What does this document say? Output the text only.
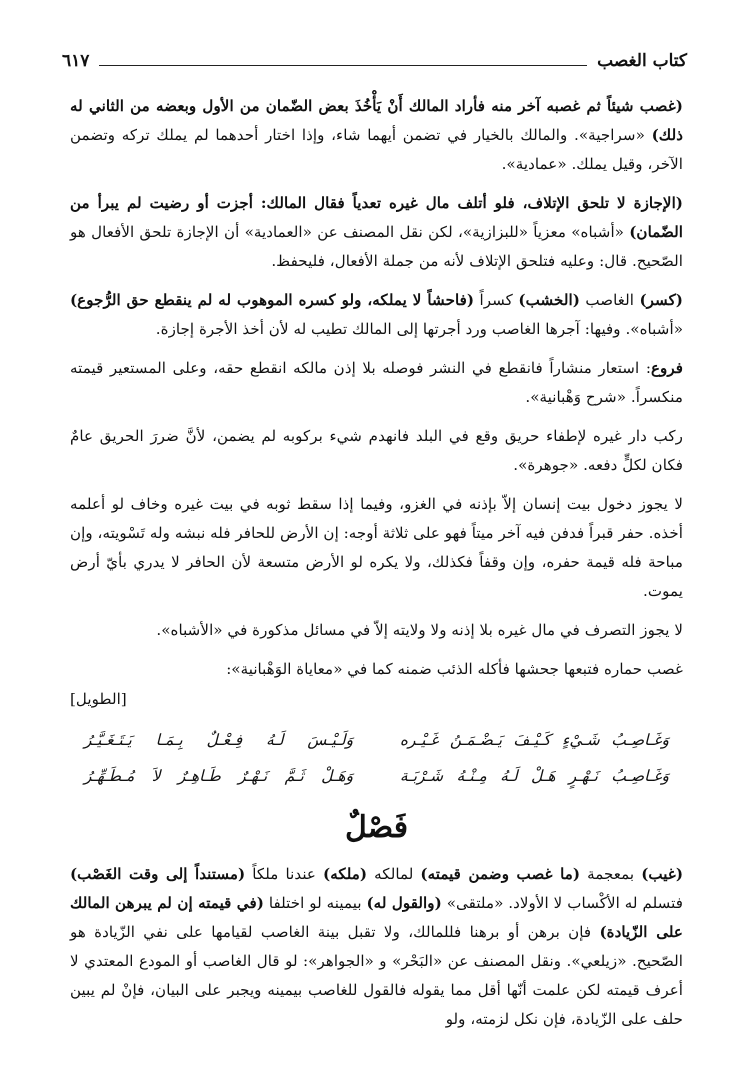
كتاب الغصب
٦١٧

(غصب شيئاً ثم غصبه آخر منه فأراد المالك أَنْ يَأْخُذَ بعض الضّمان من الأول وبعضه من الثاني له ذلك) «سراجية». والمالك بالخيار في تضمن أيهما شاء، وإذا اختار أحدهما لم يملك تركه وتضمن الآخر، وقيل يملك. «عمادية».

(الإجازة لا تلحق الإتلاف، فلو أتلف مال غيره تعدياً فقال المالك: أجزت أو رضيت لم يبرأ من الضّمان) «أشباه» معزياً «للبزازية»، لكن نقل المصنف عن «العمادية» أن الإجازة تلحق الأفعال هو الصّحيح. قال: وعليه فتلحق الإتلاف لأنه من جملة الأفعال، فليحفظ.

(كسر) الغاصب (الخشب) كسراً (فاحشاً لا يملكه، ولو كسره الموهوب له لم ينقطع حق الرُّجوع) «أشباه». وفيها: آجرها الغاصب ورد أجرتها إلى المالك تطيب له لأن أخذ الأجرة إجازة.

فروع: استعار منشاراً فانقطع في النشر فوصله بلا إذن مالكه انقطع حقه، وعلى المستعير قيمته منكسراً. «شرح وَهْبانية».

ركب دار غيره لإطفاء حريق وقع في البلد فانهدم شيء بركوبه لم يضمن، لأنَّ ضررَ الحريق عامٌ فكان لكلٍّ دفعه. «جوهرة».

لا يجوز دخول بيت إنسان إلاّ بإذنه في الغزو، وفيما إذا سقط ثوبه في بيت غيره وخاف لو أعلمه أخذه. حفر قبراً فدفن فيه آخر ميتاً فهو على ثلاثة أوجه: إن الأرض للحافر فله نبشه وله تَسْويته، وإن مباحة فله قيمة حفره، وإن وقفاً فكذلك، ولا يكره لو الأرض متسعة لأن الحافر لا يدري بأيّ أرض يموت.

لا يجوز التصرف في مال غيره بلا إذنه ولا ولايته إلاّ في مسائل مذكورة في «الأشباه».

غصب حماره فتبعها جحشها فأكله الذئب ضمنه كما في «معاياة الوَهْبانية»:

[الطويل]
وَغَـاصِـبُ شَـيْءٍ كَـيْـفَ يَـضْـمَـنُ غَـيْـره
وَلَـيْـسَ لَـهُ فِـعْـلٌ بِـمَـا يَـتَـغَـيَّـرُ
وَغَـاصِـبُ نَـهْـرٍ هَـلْ لَـهُ مِـنْـهُ شَـرْبَـة
وَهَـلْ ثَـمَّ نَـهْـرٌ طَـاهِـرٌ لاَ مُـطَـهِّـرُ
فَصْلٌ

(غيب) بمعجمة (ما غصب وضمن قيمته) لمالكه (ملكه) عندنا ملكاً (مستنداً إلى وقت الغَصْب) فتسلم له الأكْساب لا الأولاد. «ملتقى» (والقول له) بيمينه لو اختلفا (في قيمته إن لم يبرهن المالك على الزّيادة) فإن برهن أو برهنا فللمالك، ولا تقبل بينة الغاصب لقيامها على نفي الزّيادة هو الصّحيح. «زيلعي». ونقل المصنف عن «البَحْر» و «الجواهر»: لو قال الغاصب أو المودع المعتدي لا أعرف قيمته لكن علمت أنّها أقل مما يقوله فالقول للغاصب بيمينه ويجبر على البيان، فإنْ لم يبين حلف على الزّيادة، فإن نكل لزمته، ولو
